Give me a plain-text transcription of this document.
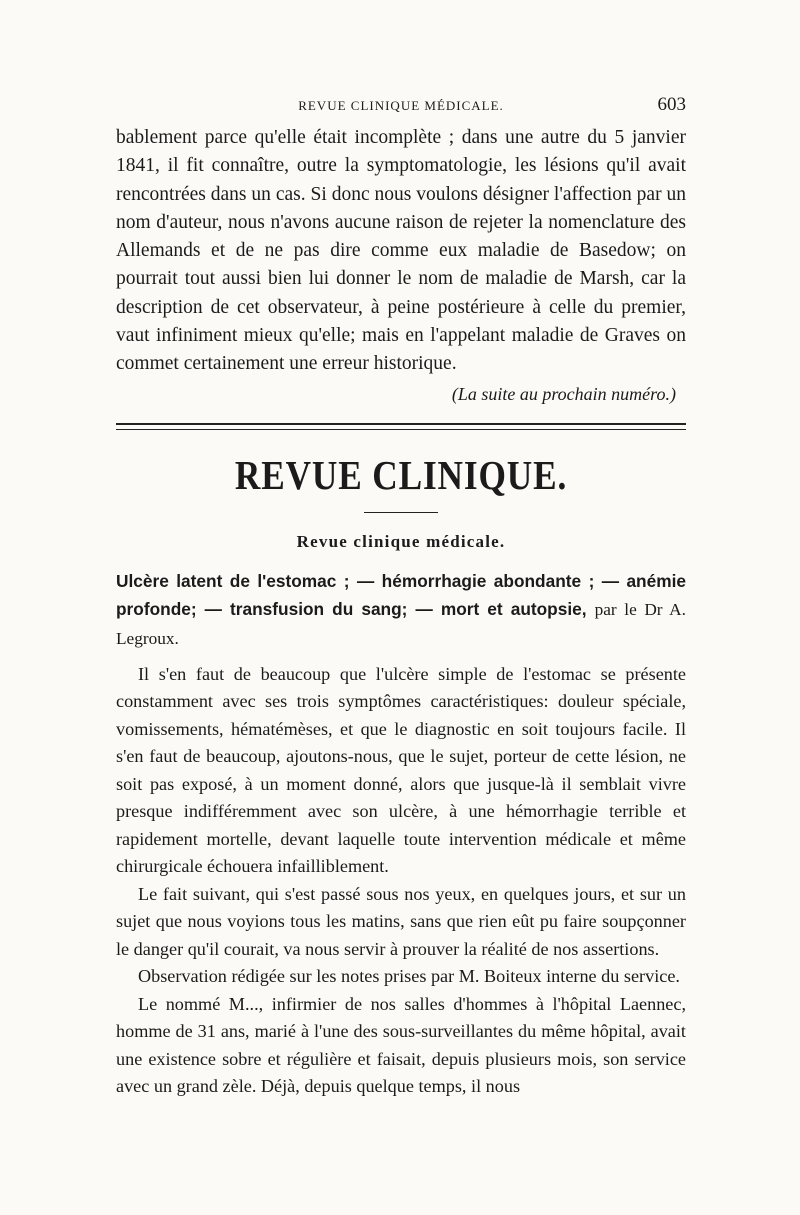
REVUE CLINIQUE MÉDICALE.	603

bablement parce qu'elle était incomplète ; dans une autre du 5 janvier 1841, il fit connaître, outre la symptomatologie, les lésions qu'il avait rencontrées dans un cas. Si donc nous voulons désigner l'affection par un nom d'auteur, nous n'avons aucune raison de rejeter la nomenclature des Allemands et de ne pas dire comme eux maladie de Basedow; on pourrait tout aussi bien lui donner le nom de maladie de Marsh, car la description de cet observateur, à peine postérieure à celle du premier, vaut infiniment mieux qu'elle; mais en l'appelant maladie de Graves on commet certainement une erreur historique.

(La suite au prochain numéro.)

REVUE CLINIQUE.
Revue clinique médicale.
Ulcère latent de l'estomac ; — hémorrhagie abondante ; — anémie profonde; — transfusion du sang; — mort et autopsie, par le Dr A. Legroux.

Il s'en faut de beaucoup que l'ulcère simple de l'estomac se présente constamment avec ses trois symptômes caractéristiques: douleur spéciale, vomissements, hématémèses, et que le diagnostic en soit toujours facile. Il s'en faut de beaucoup, ajoutons-nous, que le sujet, porteur de cette lésion, ne soit pas exposé, à un moment donné, alors que jusque-là il semblait vivre presque indifféremment avec son ulcère, à une hémorrhagie terrible et rapidement mortelle, devant laquelle toute intervention médicale et même chirurgicale échouera infailliblement.

Le fait suivant, qui s'est passé sous nos yeux, en quelques jours, et sur un sujet que nous voyions tous les matins, sans que rien eût pu faire soupçonner le danger qu'il courait, va nous servir à prouver la réalité de nos assertions.

Observation rédigée sur les notes prises par M. Boiteux interne du service.

Le nommé M..., infirmier de nos salles d'hommes à l'hôpital Laennec, homme de 31 ans, marié à l'une des sous-surveillantes du même hôpital, avait une existence sobre et régulière et faisait, depuis plusieurs mois, son service avec un grand zèle. Déjà, depuis quelque temps, il nous
